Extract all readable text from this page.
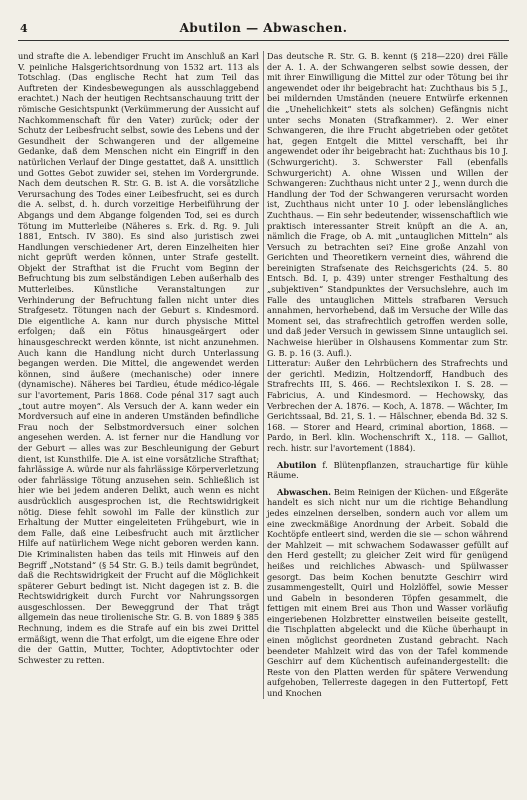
4	Abutilon — Abwaschen.

und strafte die A. lebendiger Frucht im Anschluß an Karl V. peinliche Halsgerichtsordnung von 1532 art. 113 als Totschlag. (Das englische Recht hat zum Teil das Auftreten der Kindesbewegungen als ausschlaggebend erachtet.) Nach der heutigen Rechtsanschauung tritt der römische Gesichtspunkt (Verkümmerung der Aussicht auf Nachkommenschaft für den Vater) zurück; oder der Schutz der Leibesfrucht selbst, sowie des Lebens und der Gesundheit der Schwangeren und der allgemeine Gedanke, daß dem Menschen nicht ein Eingriff in den natürlichen Verlauf der Dinge gestattet, daß A. unsittlich und Gottes Gebot zuwider sei, stehen im Vordergrunde. Nach dem deutschen R. Str. G. B. ist A. die vorsätzliche Verursachung des Todes einer Leibesfrucht, sei es durch die A. selbst, d. h. durch vorzeitige Herbeiführung der Abgangs und dem Abgange folgenden Tod, sei es durch Tötung im Mutterleibe (Näheres s. Erk. d. Rg. 9. Juli 1881, Entsch. IV 380). Es sind also juristisch zwei Handlungen verschiedener Art, deren Einzelheiten hier nicht geprüft werden können, unter Strafe gestellt. Objekt der Strafthat ist die Frucht vom Beginn der Befruchtung bis zum selbständigen Leben außerhalb des Mutterleibes. Künstliche Veranstaltungen zur Verhinderung der Befruchtung fallen nicht unter dies Strafgesetz. Tötungen nach der Geburt s. Kindesmord. Die eigentliche A. kann nur durch physische Mittel erfolgen; daß ein Fötus hinausgeärgert oder hinausgeschreckt werden könnte, ist nicht anzunehmen. Auch kann die Handlung nicht durch Unterlassung begangen werden. Die Mittel, die angewendet werden können, sind äußere (mechanische) oder innere (dynamische). Näheres bei Tardieu, étude médico-légale sur l'avortement, Paris 1868. Code pénal 317 sagt auch „tout autre moyen“. Als Versuch der A. kann weder ein Mordversuch auf eine in anderen Umständen befindliche Frau noch der Selbstmordversuch einer solchen angesehen werden. A. ist ferner nur die Handlung vor der Geburt — alles was zur Beschleunigung der Geburt dient, ist Kunsthilfe. Die A. ist eine vorsätzliche Strafthat; fahrlässige A. würde nur als fahrlässige Körperverletzung oder fahrlässige Tötung anzusehen sein. Schließlich ist hier wie bei jedem anderen Delikt, auch wenn es nicht ausdrücklich ausgesprochen ist, die Rechtswidrigkeit nötig. Diese fehlt sowohl im Falle der künstlich zur Erhaltung der Mutter eingeleiteten Frühgeburt, wie in dem Falle, daß eine Leibesfrucht auch mit ärztlicher Hilfe auf natürlichem Wege nicht geboren werden kann. Die Kriminalisten haben das teils mit Hinweis auf den Begriff „Notstand“ (§ 54 Str. G. B.) teils damit begründet, daß die Rechtswidrigkeit der Frucht auf die Möglichkeit späterer Geburt bedingt ist. Nicht dagegen ist z. B. die Rechtswidrigkeit durch Furcht vor Nahrungssorgen ausgeschlossen. Der Beweggrund der That trägt allgemein das neue tirolienische Str. G. B. von 1889 § 385 Rechnung, indem es die Strafe auf ein bis zwei Drittel ermäßigt, wenn die That erfolgt, um die eigene Ehre oder die der Gattin, Mutter, Tochter, Adoptivtochter oder Schwester zu retten.

Das deutsche R. Str. G. B. kennt (§ 218—220) drei Fälle der A. 1. A. der Schwangeren selbst sowie dessen, der mit ihrer Einwilligung die Mittel zur oder Tötung bei ihr angewendet oder ihr beigebracht hat: Zuchthaus bis 5 J., bei mildernden Umständen (neuere Entwürfe erkennen die „Unehelichkeit“ stets als solchen) Gefängnis nicht unter sechs Monaten (Strafkammer). 2. Wer einer Schwangeren, die ihre Frucht abgetrieben oder getötet hat, gegen Entgelt die Mittel verschafft, bei ihr angewendet oder ihr beigebracht hat: Zuchthaus bis 10 J. (Schwurgericht). 3. Schwerster Fall (ebenfalls Schwurgericht) A. ohne Wissen und Willen der Schwangeren: Zuchthaus nicht unter 2 J., wenn durch die Handlung der Tod der Schwangeren verursacht worden ist, Zuchthaus nicht unter 10 J. oder lebenslängliches Zuchthaus. — Ein sehr bedeutender, wissenschaftlich wie praktisch interessanter Streit knüpft an die A. an, nämlich die Frage, ob A. mit „untauglichen Mitteln“ als Versuch zu betrachten sei? Eine große Anzahl von Gerichten und Theoretikern verneint dies, während die bereinigten Strafsenate des Reichsgerichts (24. 5. 80 Entsch. Bd. I, p. 439) unter strenger Festhaltung des „subjektiven“ Standpunktes der Versuchslehre, auch im Falle des untauglichen Mittels strafbaren Versuch annahmen, hervorhebend, daß im Versuche der Wille das Moment sei, das strafrechtlich getroffen werden solle, und daß jeder Versuch in gewissem Sinne untauglich sei. Nachweise hierüber in Olshausens Kommentar zum Str. G. B. p. 16 (3. Aufl.).

Litteratur: Außer den Lehrbüchern des Strafrechts und der gerichtl. Medizin, Holtzendorff, Handbuch des Strafrechts III, S. 466. — Rechtslexikon I. S. 28. — Fabricius, A. und Kindesmord. — Hechowsky, das Verbrechen der A. 1876. — Koch, A. 1878. — Wächter, Im Gerichtssaal, Bd. 21, S. 1. — Hälschner, ebenda Bd. 32 S. 168. — Storer and Heard, criminal abortion, 1868. — Pardo, in Berl. klin. Wochenschrift X., 118. — Galliot, rech. histr. sur l'avortement (1884).

Abutilon f. Blütenpflanzen, strauchartige für kühle Räume.

Abwaschen. Beim Reinigen der Küchen- und Eßgeräte handelt es sich nicht nur um die richtige Behandlung jedes einzelnen derselben, sondern auch vor allem um eine zweckmäßige Anordnung der Arbeit. Sobald die Kochtöpfe entleert sind, werden die sie — schon während der Mahlzeit — mit schwachem Sodawasser gefüllt auf den Herd gestellt; zu gleicher Zeit wird für genügend heißes und reichliches Abwasch- und Spülwasser gesorgt. Das beim Kochen benutzte Geschirr wird zusammengestellt, Quirl und Holzlöffel, sowie Messer und Gabeln in besonderen Töpfen gesammelt, die fettigen mit einem Brei aus Thon und Wasser vorläufig eingeriebenen Holzbretter einstweilen beiseite gestellt, die Tischplatten abgeleckt und die Küche überhaupt in einen möglichst geordneten Zustand gebracht. Nach beendeter Mahlzeit wird das von der Tafel kommende Geschirr auf dem Küchentisch aufeinandergestellt: die Reste von den Platten werden für spätere Verwendung aufgehoben, Tellerreste dagegen in den Futtertopf, Fett und Knochen
